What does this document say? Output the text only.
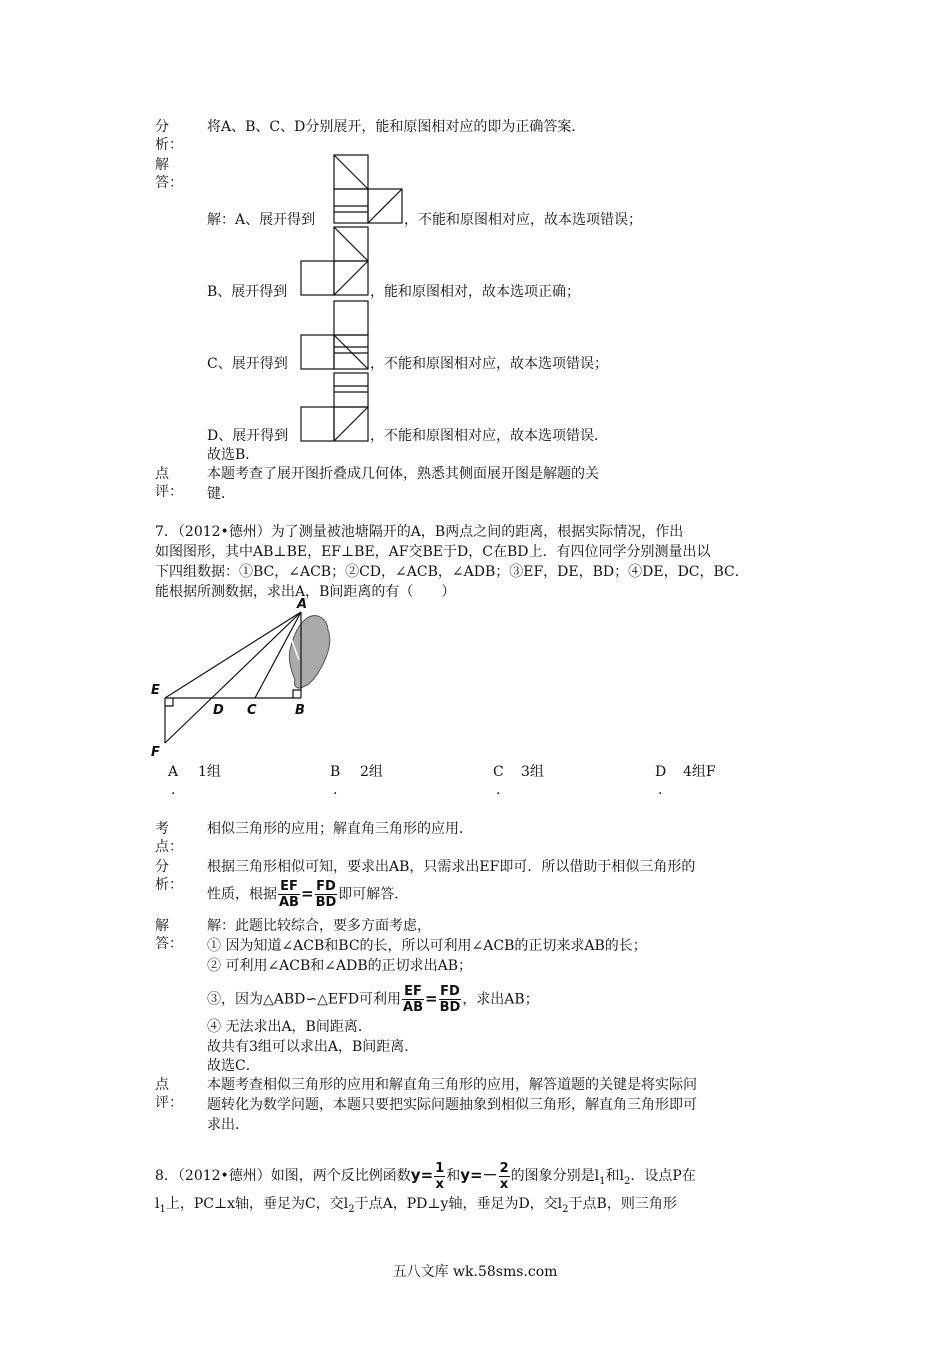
分析：
将A、B、C、D分别展开，能和原图相对应的即为正确答案．
解答：
解：A、展开得到	，不能和原图相对应，故本选项错误；
B、展开得到	，能和原图相对，故本选项正确；
C、展开得到	，不能和原图相对应，故本选项错误；
D、展开得到	，不能和原图相对应，故本选项错误．
故选B．
点评：
本题考查了展开图折叠成几何体，熟悉其侧面展开图是解题的关
键．
7．（2012•德州）为了测量被池塘隔开的A，B两点之间的距离，根据实际情况，作出
如图图形，其中AB⊥BE，EF⊥BE，AF交BE于D，C在BD上．有四位同学分别测量出以
下四组数据：①BC，∠ACB；②CD，∠ACB，∠ADB；③EF，DE，BD；④DE，DC，BC．
能根据所测数据，求出A，B间距离的有（　　）
A
E
D C	B
F
A
.
1组	B
.
2组	C
.
3组	D
.
4组F
考点：
相似三角形的应用；解直角三角形的应用．
分析：
根据三角形相似可知，要求出AB，只需求出EF即可．所以借助于相似三角形的
性质，根据 $\frac{EF}{AB} = \frac{FD}{BD}$ 即可解答．
解答：
解：此题比较综合，要多方面考虑，
① 因为知道∠ACB和BC的长，所以可利用∠ACB的正切来求AB的长；
② 可利用∠ACB和∠ADB的正切求出AB；
③，因为△ABD∽△EFD可利用 $\frac{EF}{AB} = \frac{FD}{BD}$ ，求出AB；
④ 无法求出A，B间距离．
故共有3组可以求出A，B间距离．
故选C．
点评：
本题考查相似三角形的应用和解直角三角形的应用，解答道题的关键是将实际问
题转化为数学问题，本题只要把实际问题抽象到相似三角形，解直角三角形即可
求出．
8．（2012•德州）如图，两个反比例函数$y= \frac{1}{x}$ 和$y=- \frac{2}{x}$ 的图象分别是$l_1$和$l_2$．设点P在
$l_1$上，PC⊥x轴，垂足为C，交$l_2$于点A，PD⊥y轴，垂足为D，交$l_2$于点B，则三角形
五八文库 wk.58sms.com
